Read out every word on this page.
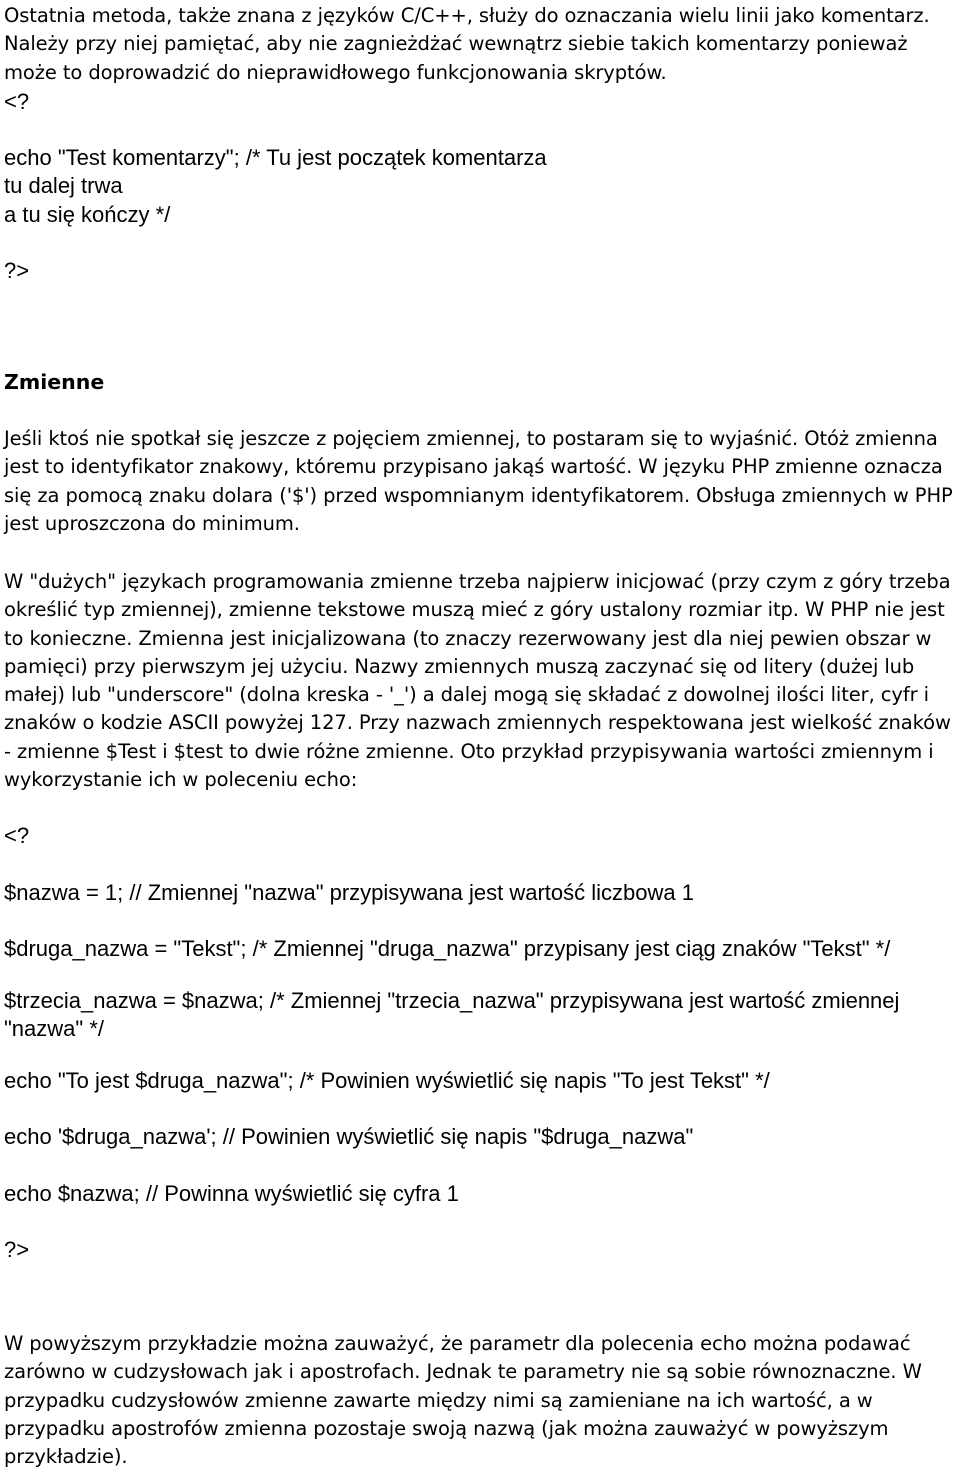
Ostatnia metoda, także znana z języków C/C++, służy do oznaczania wielu linii jako komentarz. Należy przy niej pamiętać, aby nie zagnieżdżać wewnątrz siebie takich komentarzy ponieważ może to doprowadzić do nieprawidłowego funkcjonowania skryptów.

<?

echo "Test komentarzy"; /* Tu jest początek komentarza

tu dalej trwa

a tu się kończy */

?>

Zmienne

Jeśli ktoś nie spotkał się jeszcze z pojęciem zmiennej, to postaram się to wyjaśnić. Otóż zmienna jest to identyfikator znakowy, któremu przypisano jakąś wartość. W języku PHP zmienne oznacza się za pomocą znaku dolara ('$') przed wspomnianym identyfikatorem. Obsługa zmiennych w PHP jest uproszczona do minimum.

W "dużych" językach programowania zmienne trzeba najpierw inicjować (przy czym z góry trzeba określić typ zmiennej), zmienne tekstowe muszą mieć z góry ustalony rozmiar itp. W PHP nie jest to konieczne. Zmienna jest inicjalizowana (to znaczy rezerwowany jest dla niej pewien obszar w pamięci) przy pierwszym jej użyciu. Nazwy zmiennych muszą zaczynać się od litery (dużej lub małej) lub "underscore" (dolna kreska - '_') a dalej mogą się składać z dowolnej ilości liter, cyfr i znaków o kodzie ASCII powyżej 127. Przy nazwach zmiennych respektowana jest wielkość znaków - zmienne $Test i $test to dwie różne zmienne. Oto przykład przypisywania wartości zmiennym i wykorzystanie ich w poleceniu echo:

<?

$nazwa = 1; // Zmiennej "nazwa" przypisywana jest wartość liczbowa 1

$druga_nazwa = "Tekst"; /* Zmiennej "druga_nazwa" przypisany jest ciąg znaków "Tekst" */

$trzecia_nazwa = $nazwa; /* Zmiennej "trzecia_nazwa" przypisywana jest wartość zmiennej "nazwa" */

echo "To jest $druga_nazwa"; /* Powinien wyświetlić się napis "To jest Tekst" */

echo '$druga_nazwa'; // Powinien wyświetlić się napis "$druga_nazwa"

echo $nazwa; // Powinna wyświetlić się cyfra 1

?>

W powyższym przykładzie można zauważyć, że parametr dla polecenia echo można podawać zarówno w cudzysłowach jak i apostrofach. Jednak te parametry nie są sobie równoznaczne. W przypadku cudzysłowów zmienne zawarte między nimi są zamieniane na ich wartość, a w przypadku apostrofów zmienna pozostaje swoją nazwą (jak można zauważyć w powyższym przykładzie).
